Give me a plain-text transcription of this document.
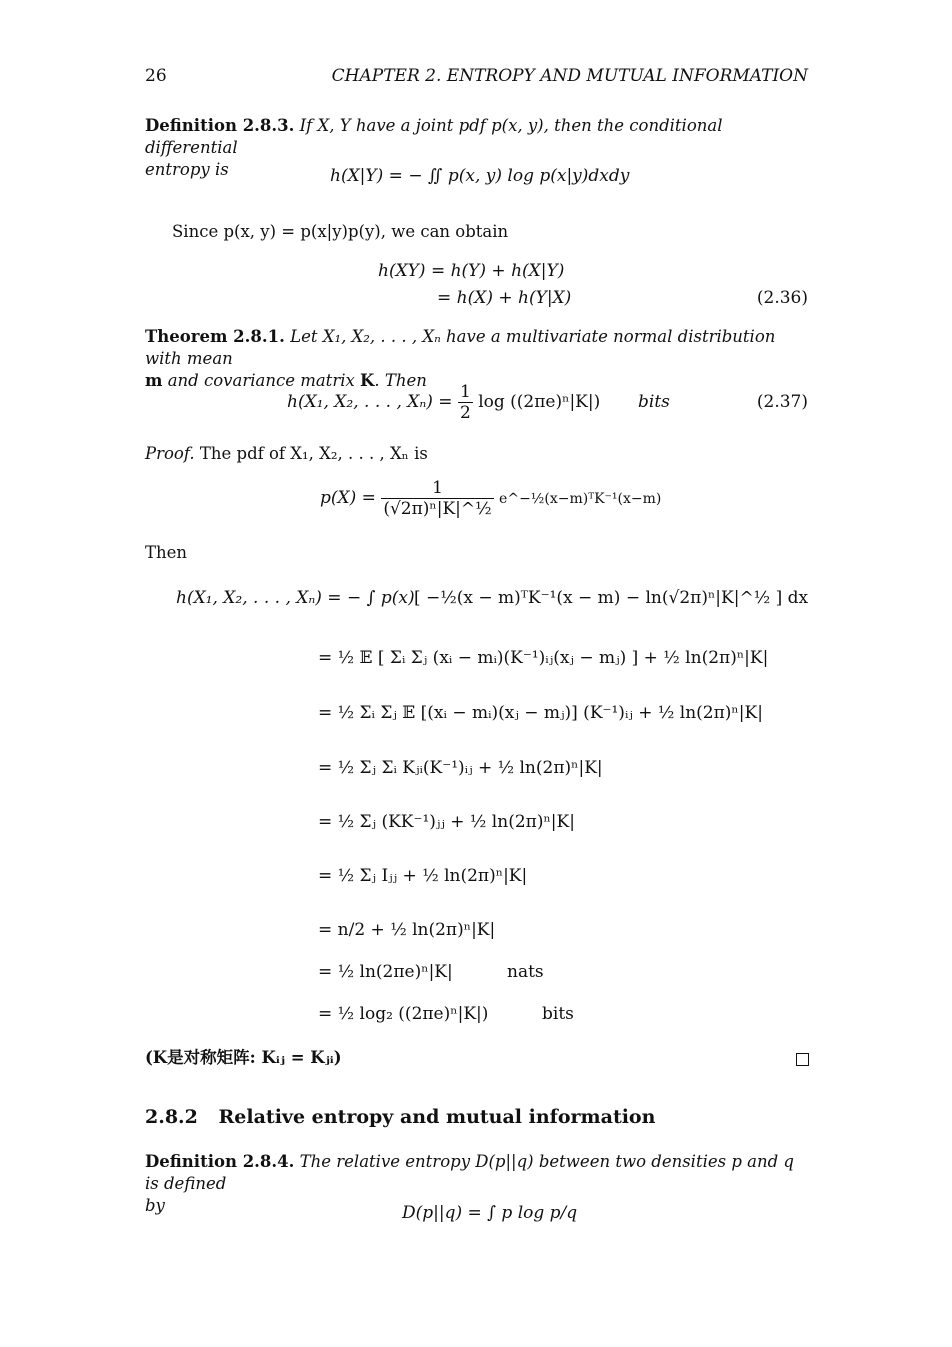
26	CHAPTER 2. ENTROPY AND MUTUAL INFORMATION
Definition 2.8.3. If X, Y have a joint pdf p(x, y), then the conditional differential
entropy is	h(X|Y) = − ∬ p(x, y) log p(x|y)dxdy
Since p(x, y) = p(x|y)p(y), we can obtain
h(XY) = h(Y) + h(X|Y)
= h(X) + h(Y|X)	(2.36)
Theorem 2.8.1. Let X₁, X₂, . . . , Xₙ have a multivariate normal distribution with mean
m and covariance matrix K. Then
h(X₁, X₂, . . . , $X_n) = \frac{1}{2}$ log ((2πe)ⁿ|K|) bits	(2.37)
Proof. The pdf of X₁, X₂, . . . , Xₙ is
$p(X) = \frac{1}{\text{(√2π)ⁿ|K|\textasciicircum{}½}}$ e^−½(x−m)ᵀK⁻¹(x−m)
Then
h(X₁, X₂, . . . , Xₙ) = − ∫ p(x) [ −½(x − m)ᵀK⁻¹(x − m) − ln(√2π)ⁿ|K|^½ ] dx
= ½ 𝔼 [ Σᵢ Σⱼ (xᵢ − mᵢ)(K⁻¹)ᵢⱼ(xⱼ − mⱼ) ] + ½ ln(2π)ⁿ|K|
= ½ Σᵢ Σⱼ 𝔼 [(xᵢ − mᵢ)(xⱼ − mⱼ)] (K⁻¹)ᵢⱼ + ½ ln(2π)ⁿ|K|
= ½ Σⱼ Σᵢ Kⱼᵢ(K⁻¹)ᵢⱼ + ½ ln(2π)ⁿ|K|
= ½ Σⱼ (KK⁻¹)ⱼⱼ + ½ ln(2π)ⁿ|K|
= ½ Σⱼ Iⱼⱼ + ½ ln(2π)ⁿ|K|
= n/2 + ½ ln(2π)ⁿ|K|
= ½ ln(2πe)ⁿ|K|	nats
= ½ log₂ ((2πe)ⁿ|K|)	bits
(K是对称矩阵: Kᵢⱼ = Kⱼᵢ)
2.8.2 Relative entropy and mutual information
Definition 2.8.4. The relative entropy D(p||q) between two densities p and q is defined
by	D(p||q) = ∫ p log p/q
